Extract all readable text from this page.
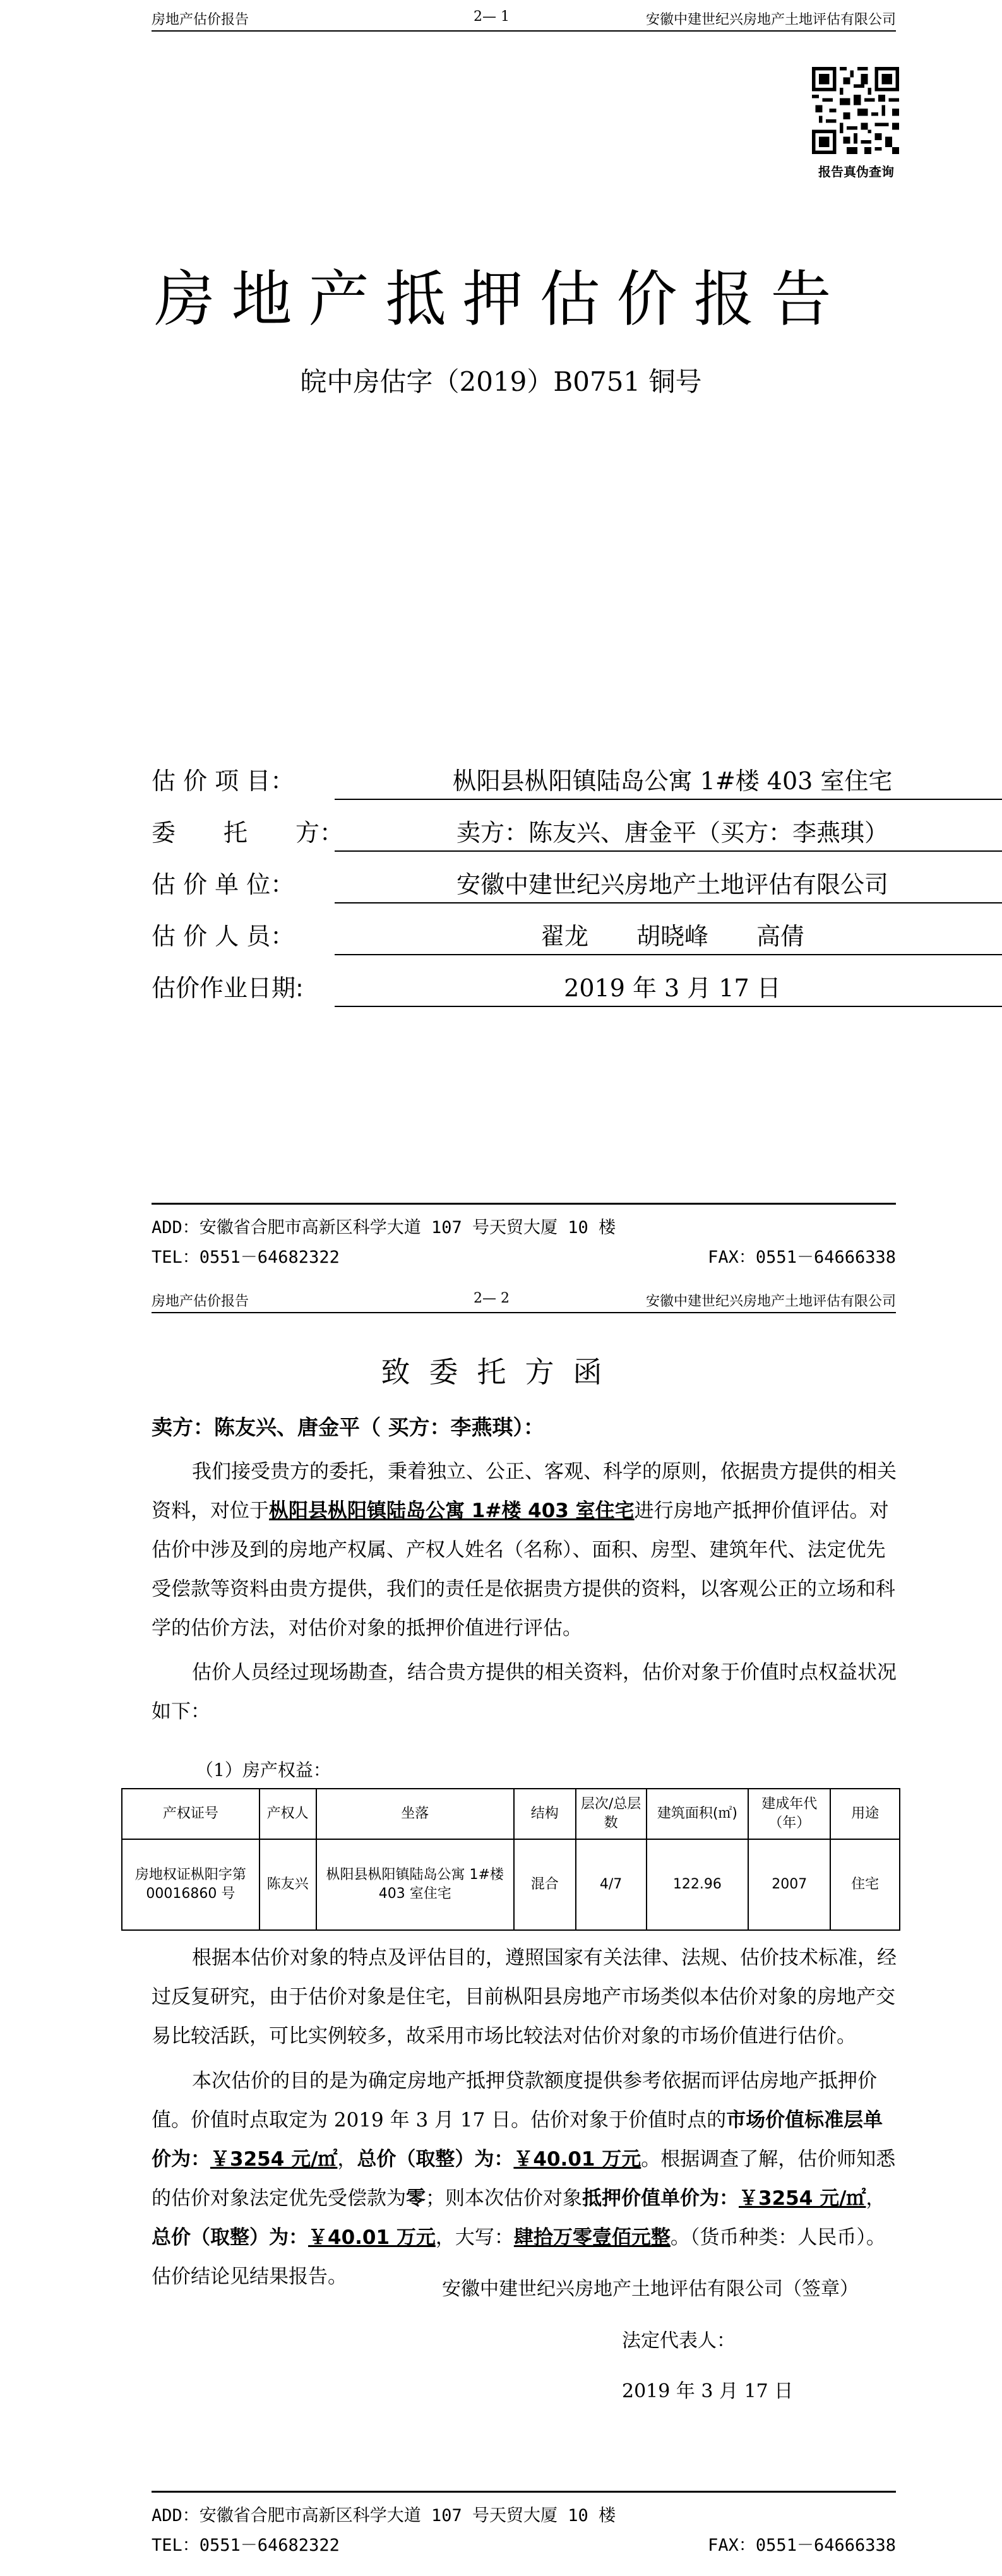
房地产估价报告	2— 1	安徽中建世纪兴房地产土地评估有限公司
报告真伪查询
房地产抵押估价报告
皖中房估字（2019）B0751 铜号
估 价 项 目：	枞阳县枞阳镇陆岛公寓 1#楼 403 室住宅
委　　托　　方：	卖方：陈友兴、唐金平（买方：李燕琪）
估 价 单 位：	安徽中建世纪兴房地产土地评估有限公司
估 价 人 员：	翟龙　　胡晓峰　　高倩
估价作业日期:	2019 年 3 月 17 日
ADD：安徽省合肥市高新区科学大道 107 号天贸大厦 10 楼
TEL：0551－64682322	FAX：0551－64666338
房地产估价报告	2— 2	安徽中建世纪兴房地产土地评估有限公司
致委托方函
卖方：陈友兴、唐金平（ 买方：李燕琪）：
我们接受贵方的委托，秉着独立、公正、客观、科学的原则，依据贵方提供的相关资料，对位于枞阳县枞阳镇陆岛公寓 1#楼 403 室住宅进行房地产抵押价值评估。对估价中涉及到的房地产权属、产权人姓名（名称）、面积、房型、建筑年代、法定优先受偿款等资料由贵方提供，我们的责任是依据贵方提供的资料，以客观公正的立场和科学的估价方法，对估价对象的抵押价值进行评估。
估价人员经过现场勘查，结合贵方提供的相关资料，估价对象于价值时点权益状况如下：
（1）房产权益：
产权证号	产权人	坐落	结构	层次/总层数	建筑面积(㎡)	建成年代（年）	用途
房地权证枞阳字第 00016860 号	陈友兴	枞阳县枞阳镇陆岛公寓 1#楼 403 室住宅	混合	4/7	122.96	2007	住宅
根据本估价对象的特点及评估目的，遵照国家有关法律、法规、估价技术标准，经过反复研究，由于估价对象是住宅，目前枞阳县房地产市场类似本估价对象的房地产交易比较活跃，可比实例较多，故采用市场比较法对估价对象的市场价值进行估价。
本次估价的目的是为确定房地产抵押贷款额度提供参考依据而评估房地产抵押价值。价值时点取定为 2019 年 3 月 17 日。估价对象于价值时点的市场价值标准层单价为：￥3254 元/㎡，总价（取整）为：￥40.01 万元。根据调查了解，估价师知悉的估价对象法定优先受偿款为零；则本次估价对象抵押价值单价为：￥3254 元/㎡，总价（取整）为：￥40.01 万元，大写：肆拾万零壹佰元整。（货币种类：人民币）。估价结论见结果报告。
安徽中建世纪兴房地产土地评估有限公司（签章）
法定代表人：
2019 年 3 月 17 日
ADD：安徽省合肥市高新区科学大道 107 号天贸大厦 10 楼
TEL：0551－64682322	FAX：0551－64666338
